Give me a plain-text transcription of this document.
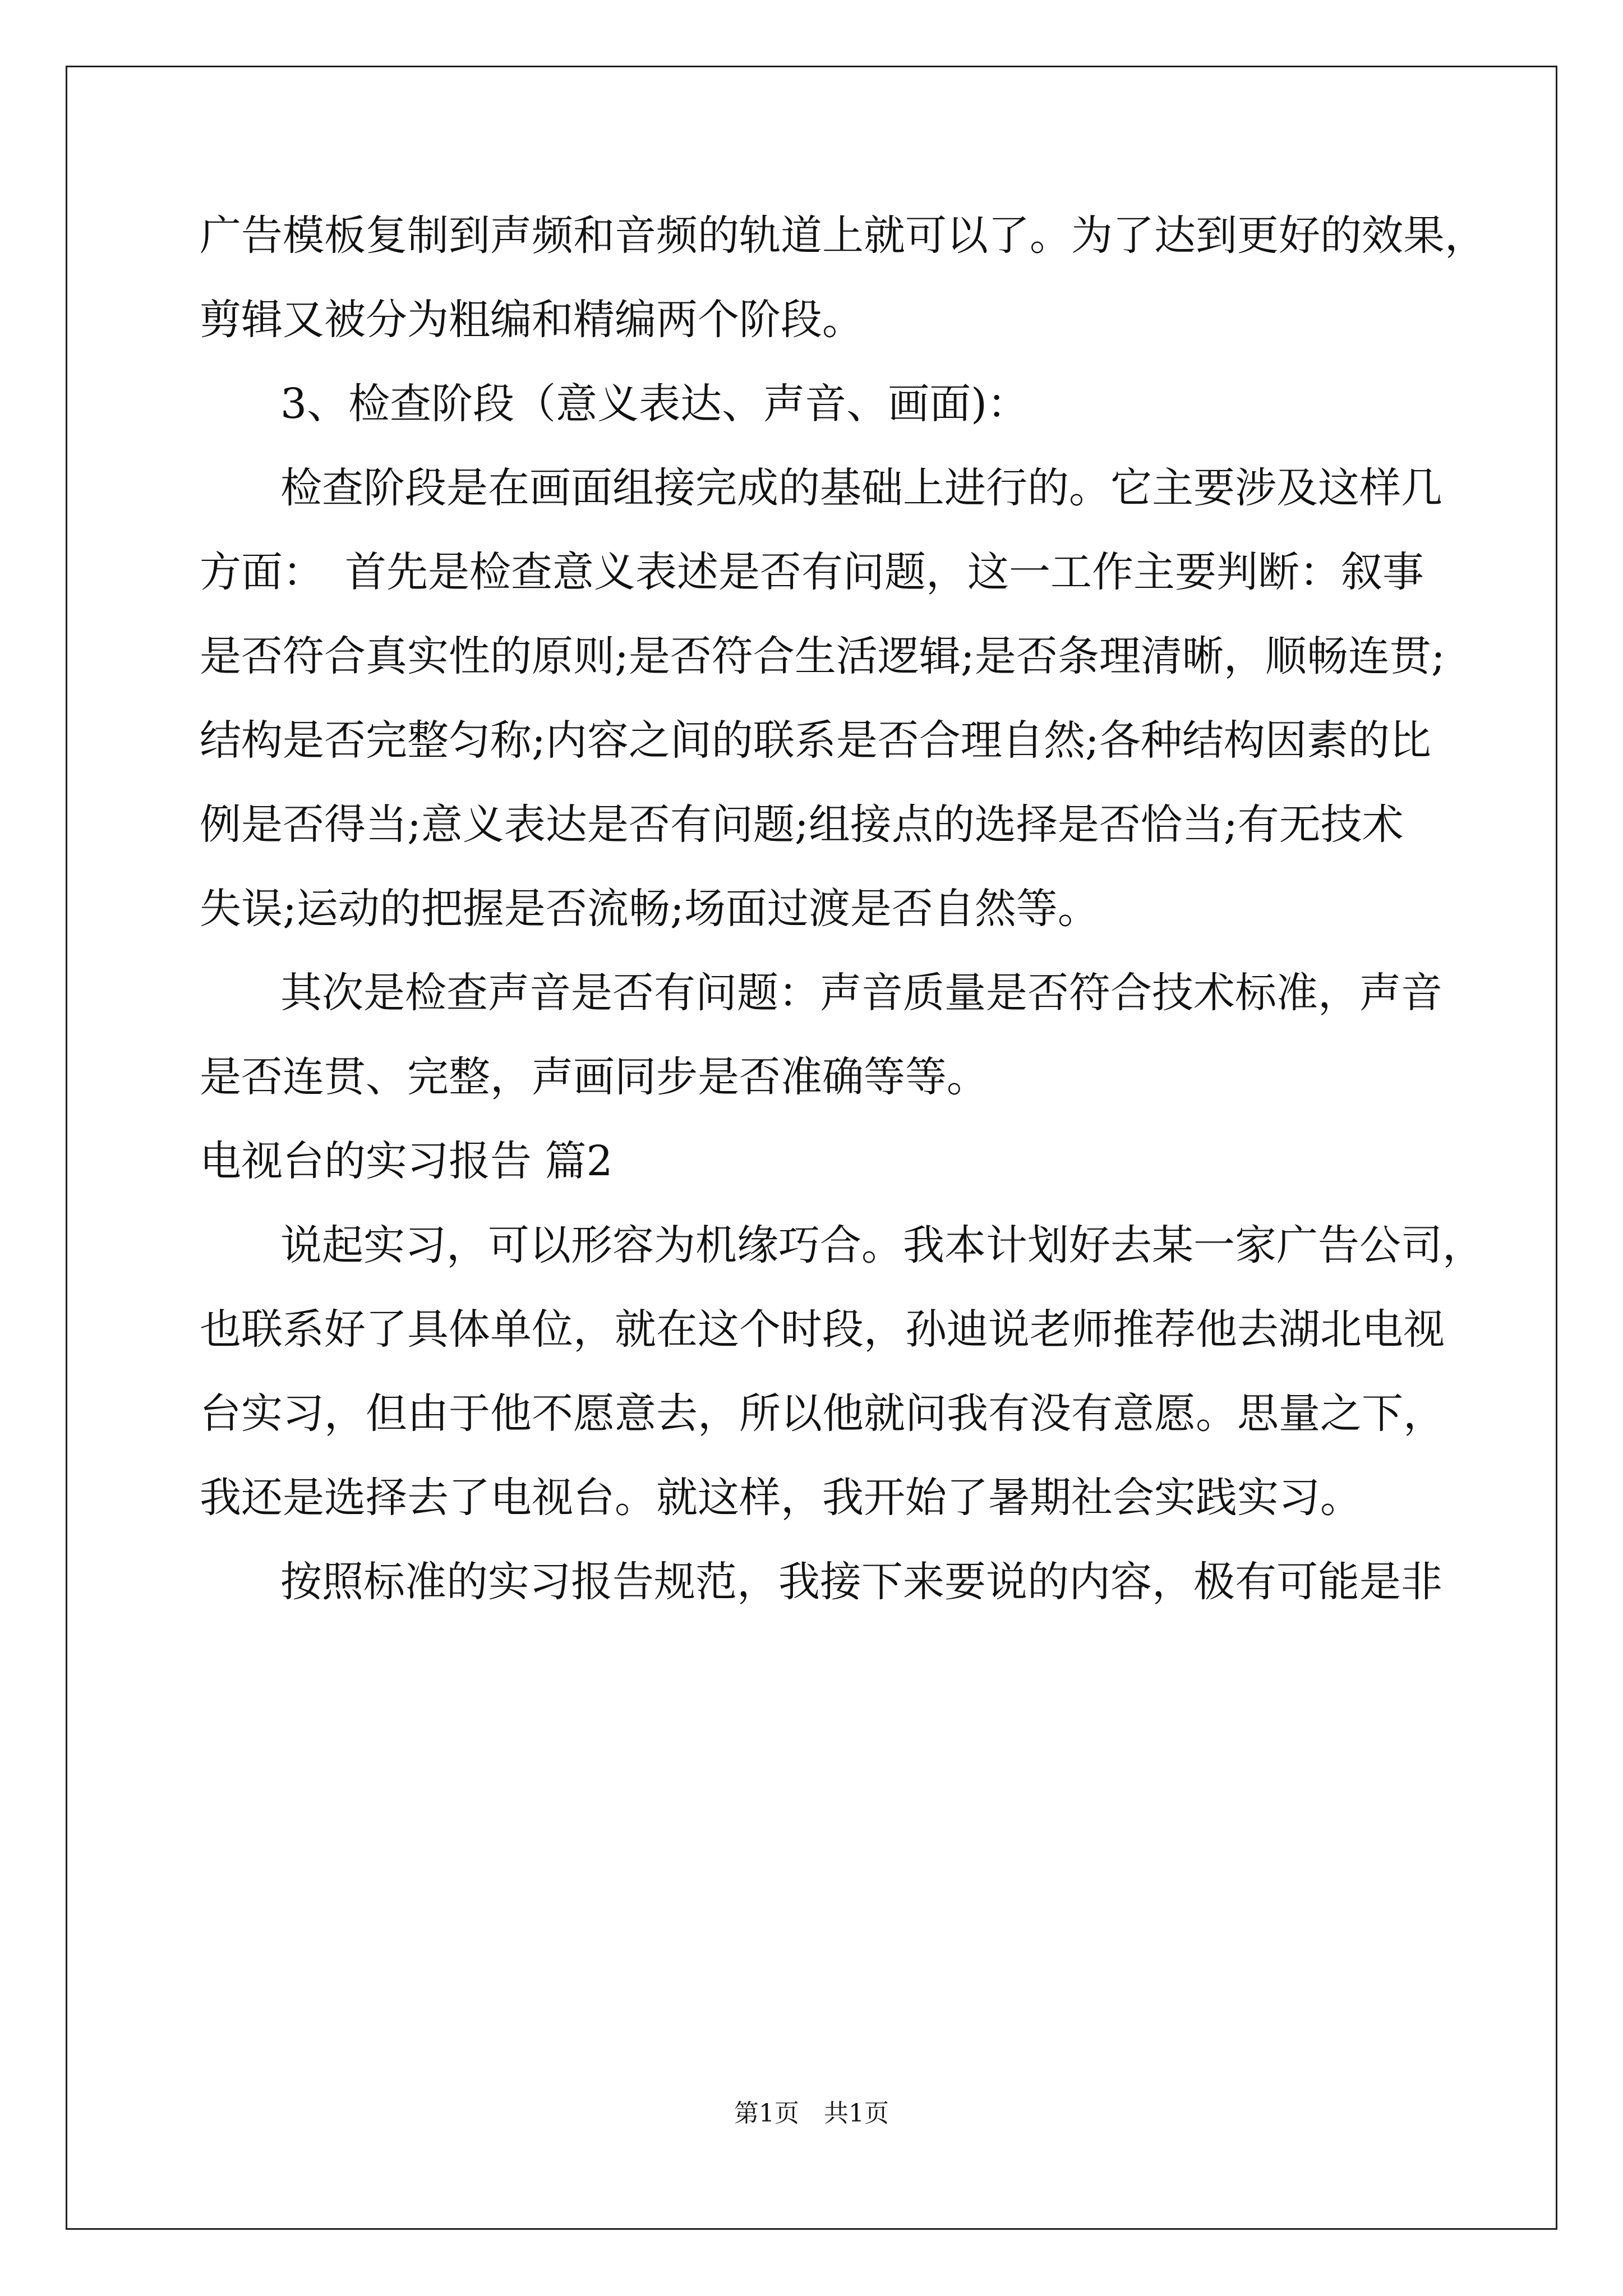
广告模板复制到声频和音频的轨道上就可以了。为了达到更好的效果，
剪辑又被分为粗编和精编两个阶段。
3、检查阶段（意义表达、声音、画面)：
检查阶段是在画面组接完成的基础上进行的。它主要涉及这样几
方面：　首先是检查意义表述是否有问题，这一工作主要判断：叙事
是否符合真实性的原则;是否符合生活逻辑;是否条理清晰，顺畅连贯;
结构是否完整匀称;内容之间的联系是否合理自然;各种结构因素的比
例是否得当;意义表达是否有问题;组接点的选择是否恰当;有无技术
失误;运动的把握是否流畅;场面过渡是否自然等。
其次是检查声音是否有问题：声音质量是否符合技术标准，声音
是否连贯、完整，声画同步是否准确等等。
电视台的实习报告 篇2
说起实习，可以形容为机缘巧合。我本计划好去某一家广告公司，
也联系好了具体单位，就在这个时段，孙迪说老师推荐他去湖北电视
台实习，但由于他不愿意去，所以他就问我有没有意愿。思量之下，
我还是选择去了电视台。就这样，我开始了暑期社会实践实习。
按照标准的实习报告规范，我接下来要说的内容，极有可能是非
第1页　共1页
